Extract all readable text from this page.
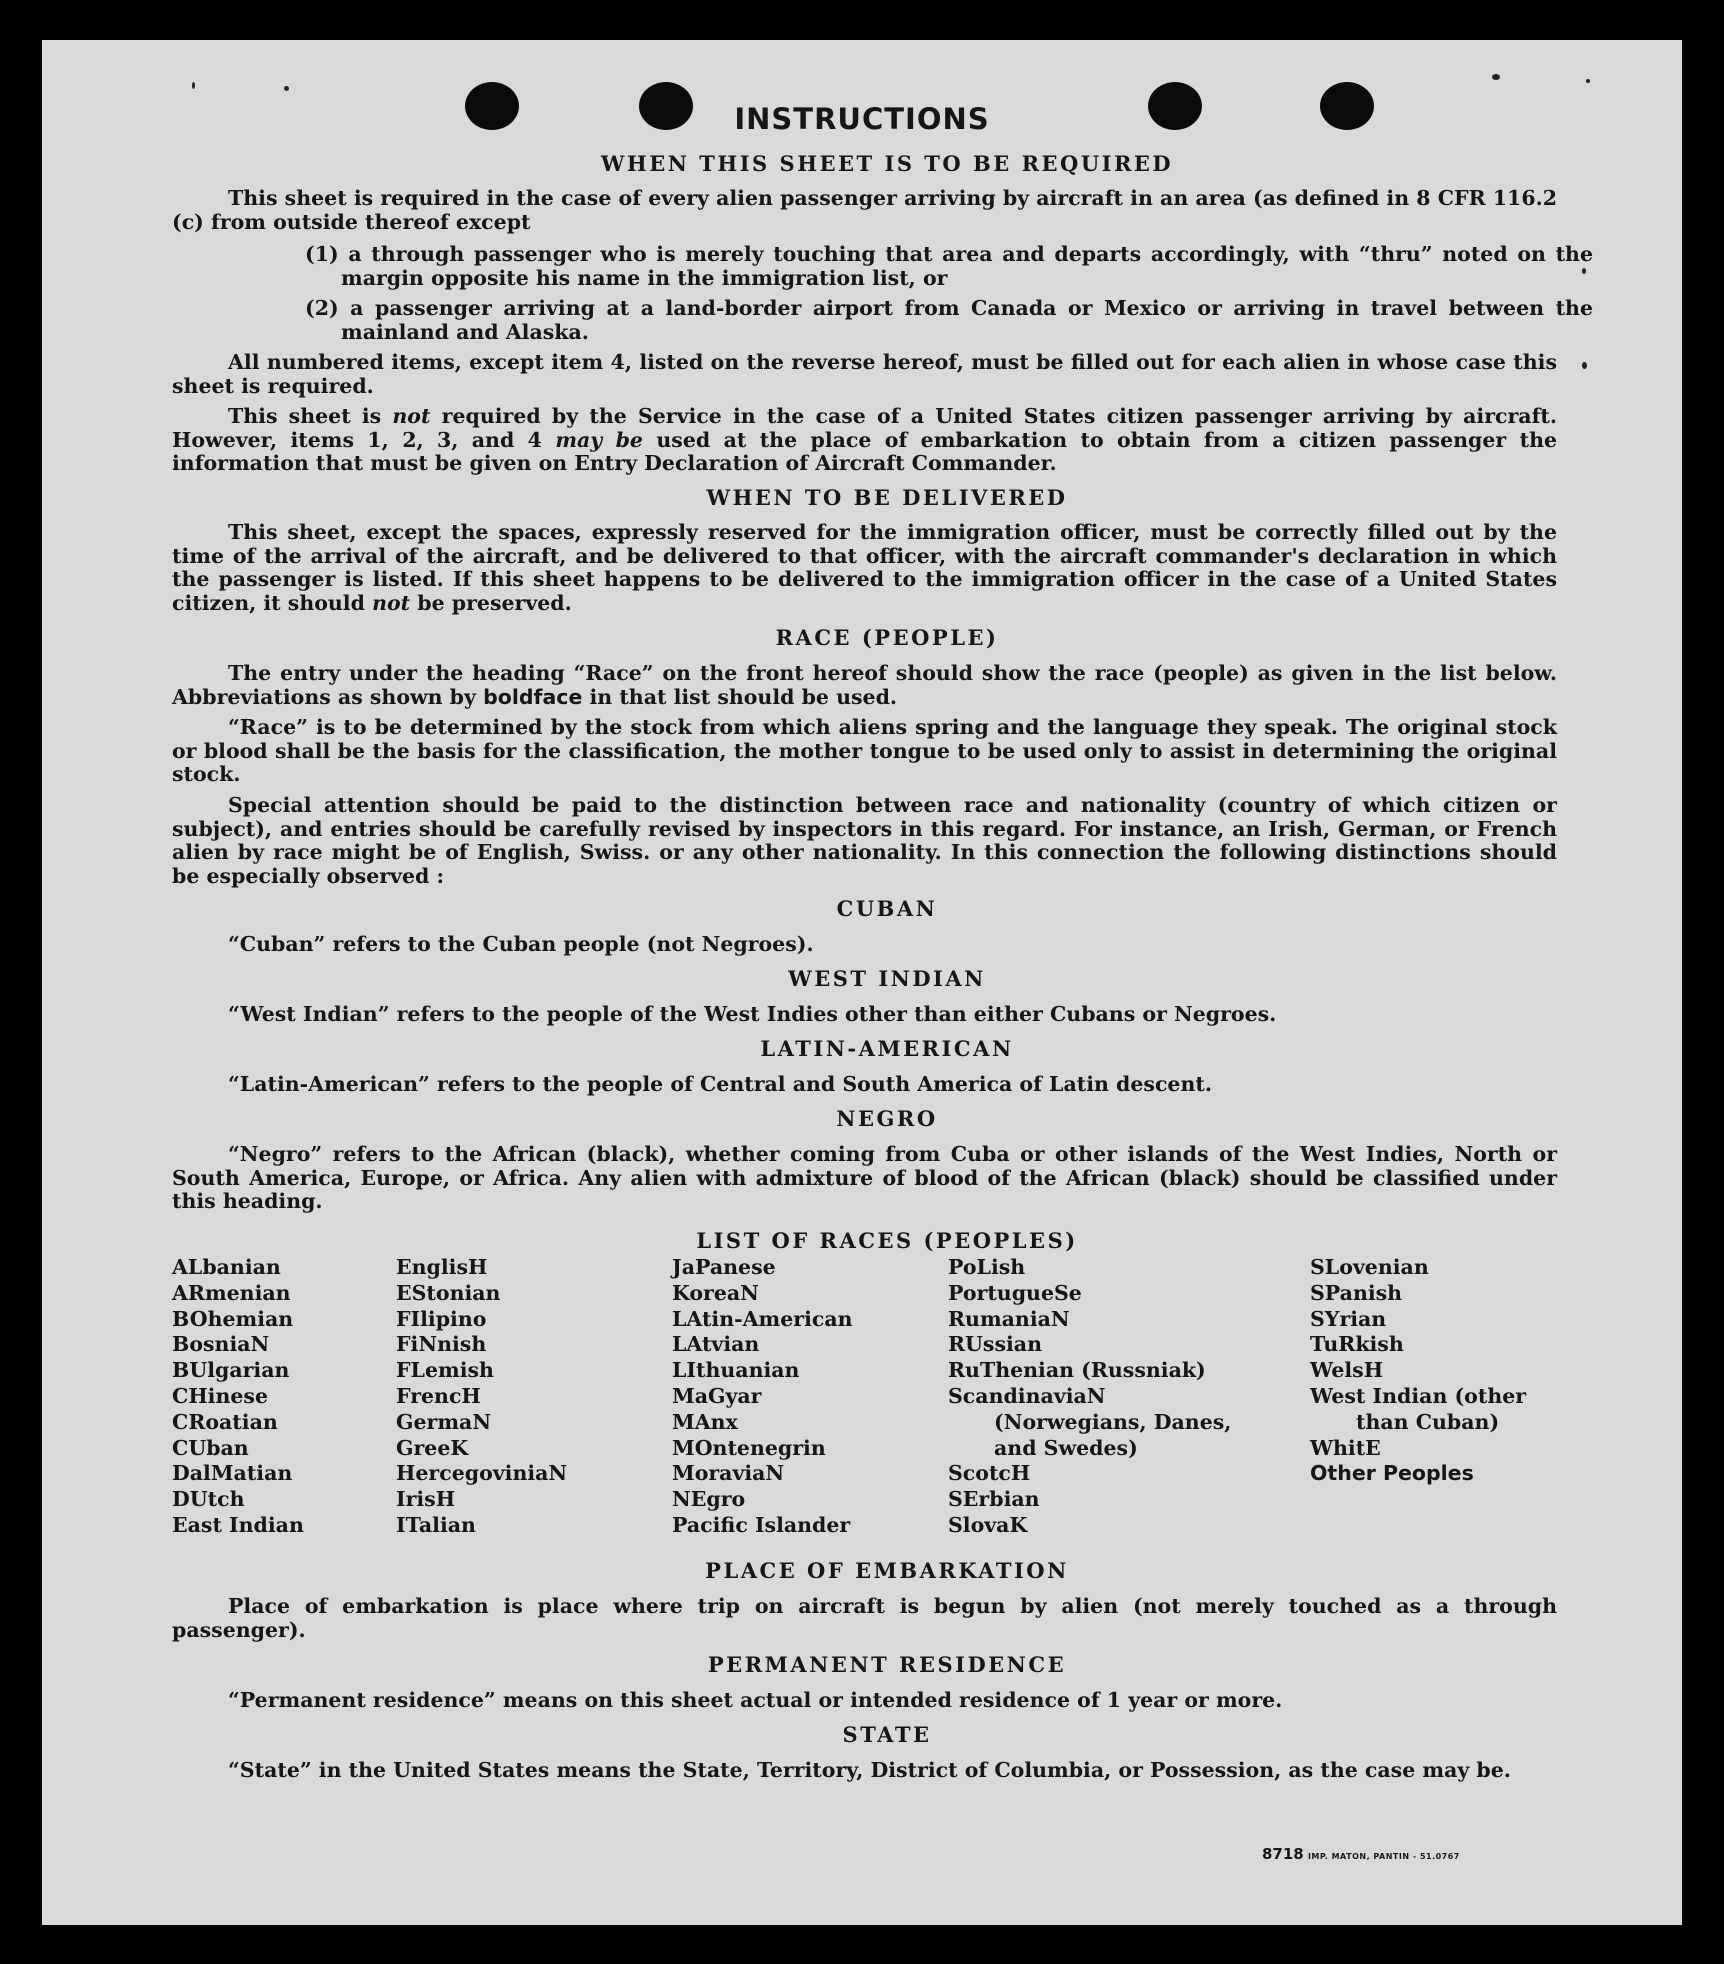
INSTRUCTIONS
WHEN THIS SHEET IS TO BE REQUIRED

This sheet is required in the case of every alien passenger arriving by aircraft in an area (as defined in 8 CFR 116.2 (c) from outside thereof except

(1) a through passenger who is merely touching that area and departs accordingly, with “thru” noted on the margin opposite his name in the immigration list, or

(2) a passenger arriving at a land-border airport from Canada or Mexico or arriving in travel between the mainland and Alaska.

All numbered items, except item 4, listed on the reverse hereof, must be filled out for each alien in whose case this sheet is required.

This sheet is not required by the Service in the case of a United States citizen passenger arriving by aircraft. However, items 1, 2, 3, and 4 may be used at the place of embarkation to obtain from a citizen passenger the information that must be given on Entry Declaration of Aircraft Commander.

WHEN TO BE DELIVERED

This sheet, except the spaces, expressly reserved for the immigration officer, must be correctly filled out by the time of the arrival of the aircraft, and be delivered to that officer, with the aircraft commander's declaration in which the passenger is listed. If this sheet happens to be delivered to the immigration officer in the case of a United States citizen, it should not be preserved.

RACE (PEOPLE)

The entry under the heading “Race” on the front hereof should show the race (people) as given in the list below. Abbreviations as shown by boldface in that list should be used.

“Race” is to be determined by the stock from which aliens spring and the language they speak. The original stock or blood shall be the basis for the classification, the mother tongue to be used only to assist in determining the original stock.

Special attention should be paid to the distinction between race and nationality (country of which citizen or subject), and entries should be carefully revised by inspectors in this regard. For instance, an Irish, German, or French alien by race might be of English, Swiss. or any other nationality. In this connection the following distinctions should be especially observed :

CUBAN

“Cuban” refers to the Cuban people (not Negroes).

WEST INDIAN

“West Indian” refers to the people of the West Indies other than either Cubans or Negroes.

LATIN-AMERICAN

“Latin-American” refers to the people of Central and South America of Latin descent.

NEGRO

“Negro” refers to the African (black), whether coming from Cuba or other islands of the West Indies, North or South America, Europe, or Africa. Any alien with admixture of blood of the African (black) should be classified under this heading.

LIST OF RACES (PEOPLES)
ALbanian
ARmenian
BOhemian
BosniaN
BUlgarian
CHinese
CRoatian
CUban
DalMatian
DUtch
East Indian
EnglisH
EStonian
FIlipino
FiNnish
FLemish
FrencH
GermaN
GreeK
HercegoviniaN
IrisH
ITalian
JaPanese
KoreaN
LAtin-American
LAtvian
LIthuanian
MaGyar
MAnx
MOntenegrin
MoraviaN
NEgro
Pacific Islander
PoLish
PortugueSe
RumaniaN
RUssian
RuThenian (Russniak)
ScandinaviaN (Norwegians, Danes, and Swedes)
ScotcH
SErbian
SlovaK
SLovenian
SPanish
SYrian
TuRkish
WelsH
West Indian (other than Cuban)
WhitE
Other Peoples
PLACE OF EMBARKATION

Place of embarkation is place where trip on aircraft is begun by alien (not merely touched as a through passenger).

PERMANENT RESIDENCE

“Permanent residence” means on this sheet actual or intended residence of 1 year or more.

STATE

“State” in the United States means the State, Territory, District of Columbia, or Possession, as the case may be.

8718 IMP. MATON, PANTIN - 51.0767
